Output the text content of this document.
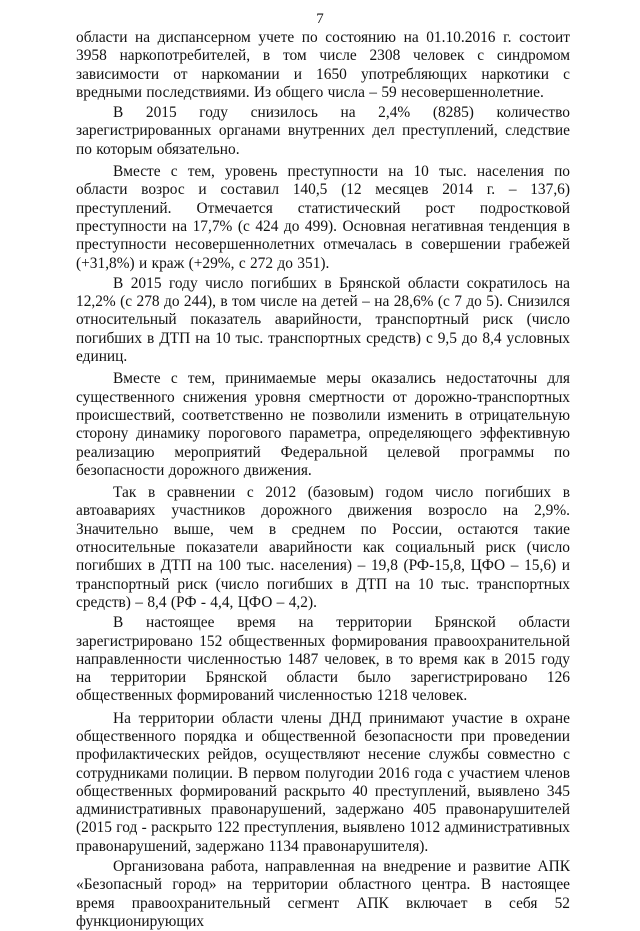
7

области на диспансерном учете по состоянию на 01.10.2016 г. состоит 3958 наркопотребителей, в том числе 2308 человек с синдромом зависимости от наркомании и 1650 употребляющих наркотики с вредными последствиями. Из общего числа – 59 несовершеннолетние.

В 2015 году снизилось на 2,4% (8285) количество зарегистрированных органами внутренних дел преступлений, следствие по которым обязательно.

Вместе с тем, уровень преступности на 10 тыс. населения по области возрос и составил 140,5 (12 месяцев 2014 г. – 137,6) преступлений. Отмечается статистический рост подростковой преступности на 17,7% (с 424 до 499). Основная негативная тенденция в преступности несовершеннолетних отмечалась в совершении грабежей (+31,8%) и краж (+29%, с 272 до 351).

В 2015 году число погибших в Брянской области сократилось на 12,2% (с 278 до 244), в том числе на детей – на 28,6% (с 7 до 5). Снизился относительный показатель аварийности, транспортный риск (число погибших в ДТП на 10 тыс. транспортных средств) с 9,5 до 8,4 условных единиц.

Вместе с тем, принимаемые меры оказались недостаточны для существенного снижения уровня смертности от дорожно-транспортных происшествий, соответственно не позволили изменить в отрицательную сторону динамику порогового параметра, определяющего эффективную реализацию мероприятий Федеральной целевой программы по безопасности дорожного движения.

Так в сравнении с 2012 (базовым) годом число погибших в автоавариях участников дорожного движения возросло на 2,9%. Значительно выше, чем в среднем по России, остаются такие относительные показатели аварийности как социальный риск (число погибших в ДТП на 100 тыс. населения) – 19,8 (РФ-15,8, ЦФО – 15,6) и транспортный риск (число погибших в ДТП на 10 тыс. транспортных средств) – 8,4 (РФ - 4,4, ЦФО – 4,2).

В настоящее время на территории Брянской области зарегистрировано 152 общественных формирования правоохранительной направленности численностью 1487 человек, в то время как в 2015 году на территории Брянской области было зарегистрировано 126 общественных формирований численностью 1218 человек.

На территории области члены ДНД принимают участие в охране общественного порядка и общественной безопасности при проведении профилактических рейдов, осуществляют несение службы совместно с сотрудниками полиции. В первом полугодии 2016 года с участием членов общественных формирований раскрыто 40 преступлений, выявлено 345 административных правонарушений, задержано 405 правонарушителей (2015 год - раскрыто 122 преступления, выявлено 1012 административных правонарушений, задержано 1134 правонарушителя).

Организована работа, направленная на внедрение и развитие АПК «Безопасный город» на территории областного центра. В настоящее время правоохранительный сегмент АПК включает в себя 52 функционирующих
